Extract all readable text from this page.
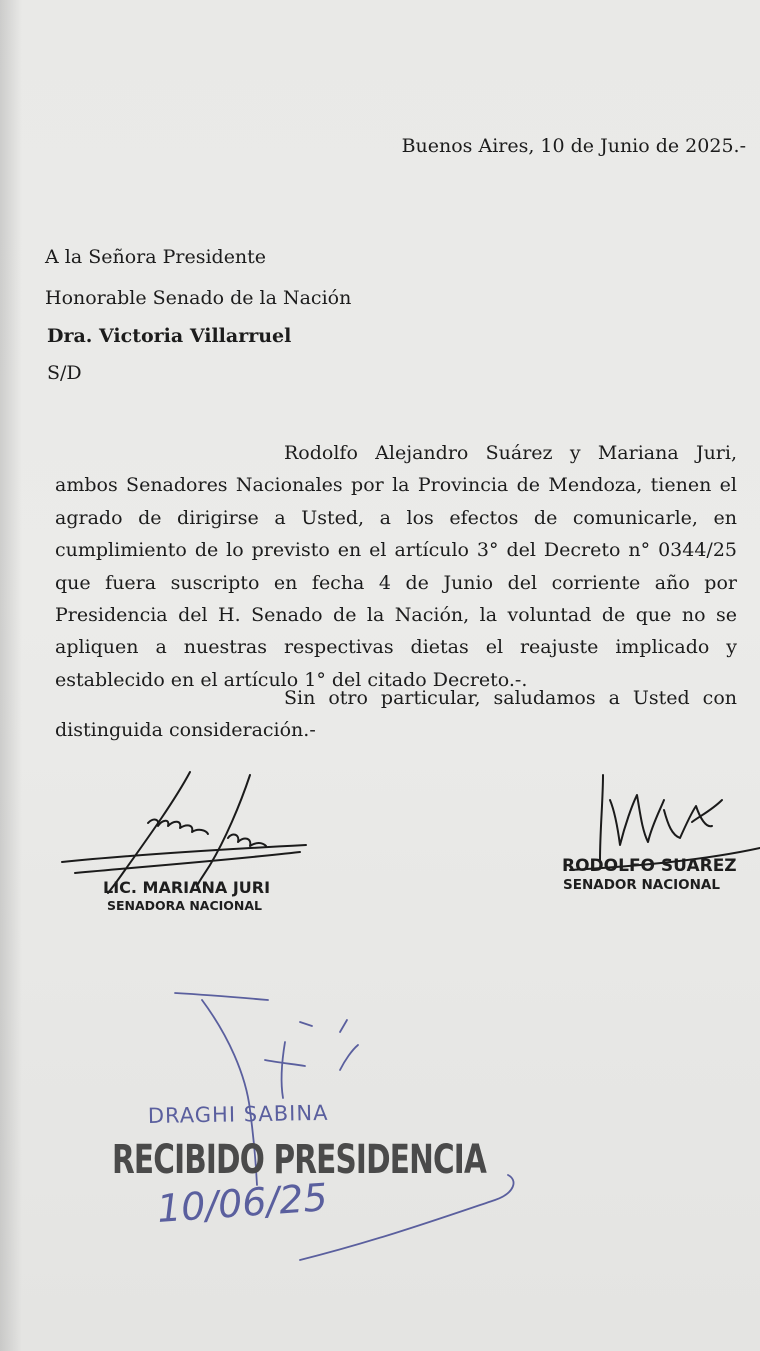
Buenos Aires, 10 de Junio de 2025.-
A la Señora Presidente
Honorable Senado de la Nación
Dra. Victoria Villarruel
S/D

Rodolfo Alejandro Suárez y Mariana Juri, ambos Senadores Nacionales por la Provincia de Mendoza, tienen el agrado de dirigirse a Usted, a los efectos de comunicarle, en cumplimiento de lo previsto en el artículo 3° del Decreto n° 0344/25 que fuera suscripto en fecha 4 de Junio del corriente año por Presidencia del H. Senado de la Nación, la voluntad de que no se apliquen a nuestras respectivas dietas el reajuste implicado y establecido en el artículo 1° del citado Decreto.-.

Sin otro particular, saludamos a Usted con distinguida consideración.-

DRAGHI SABINA
10/06/25
LIC. MARIANA JURI
SENADORA NACIONAL
RODOLFO SUAREZ
SENADOR NACIONAL
RECIBIDO PRESIDENCIA
